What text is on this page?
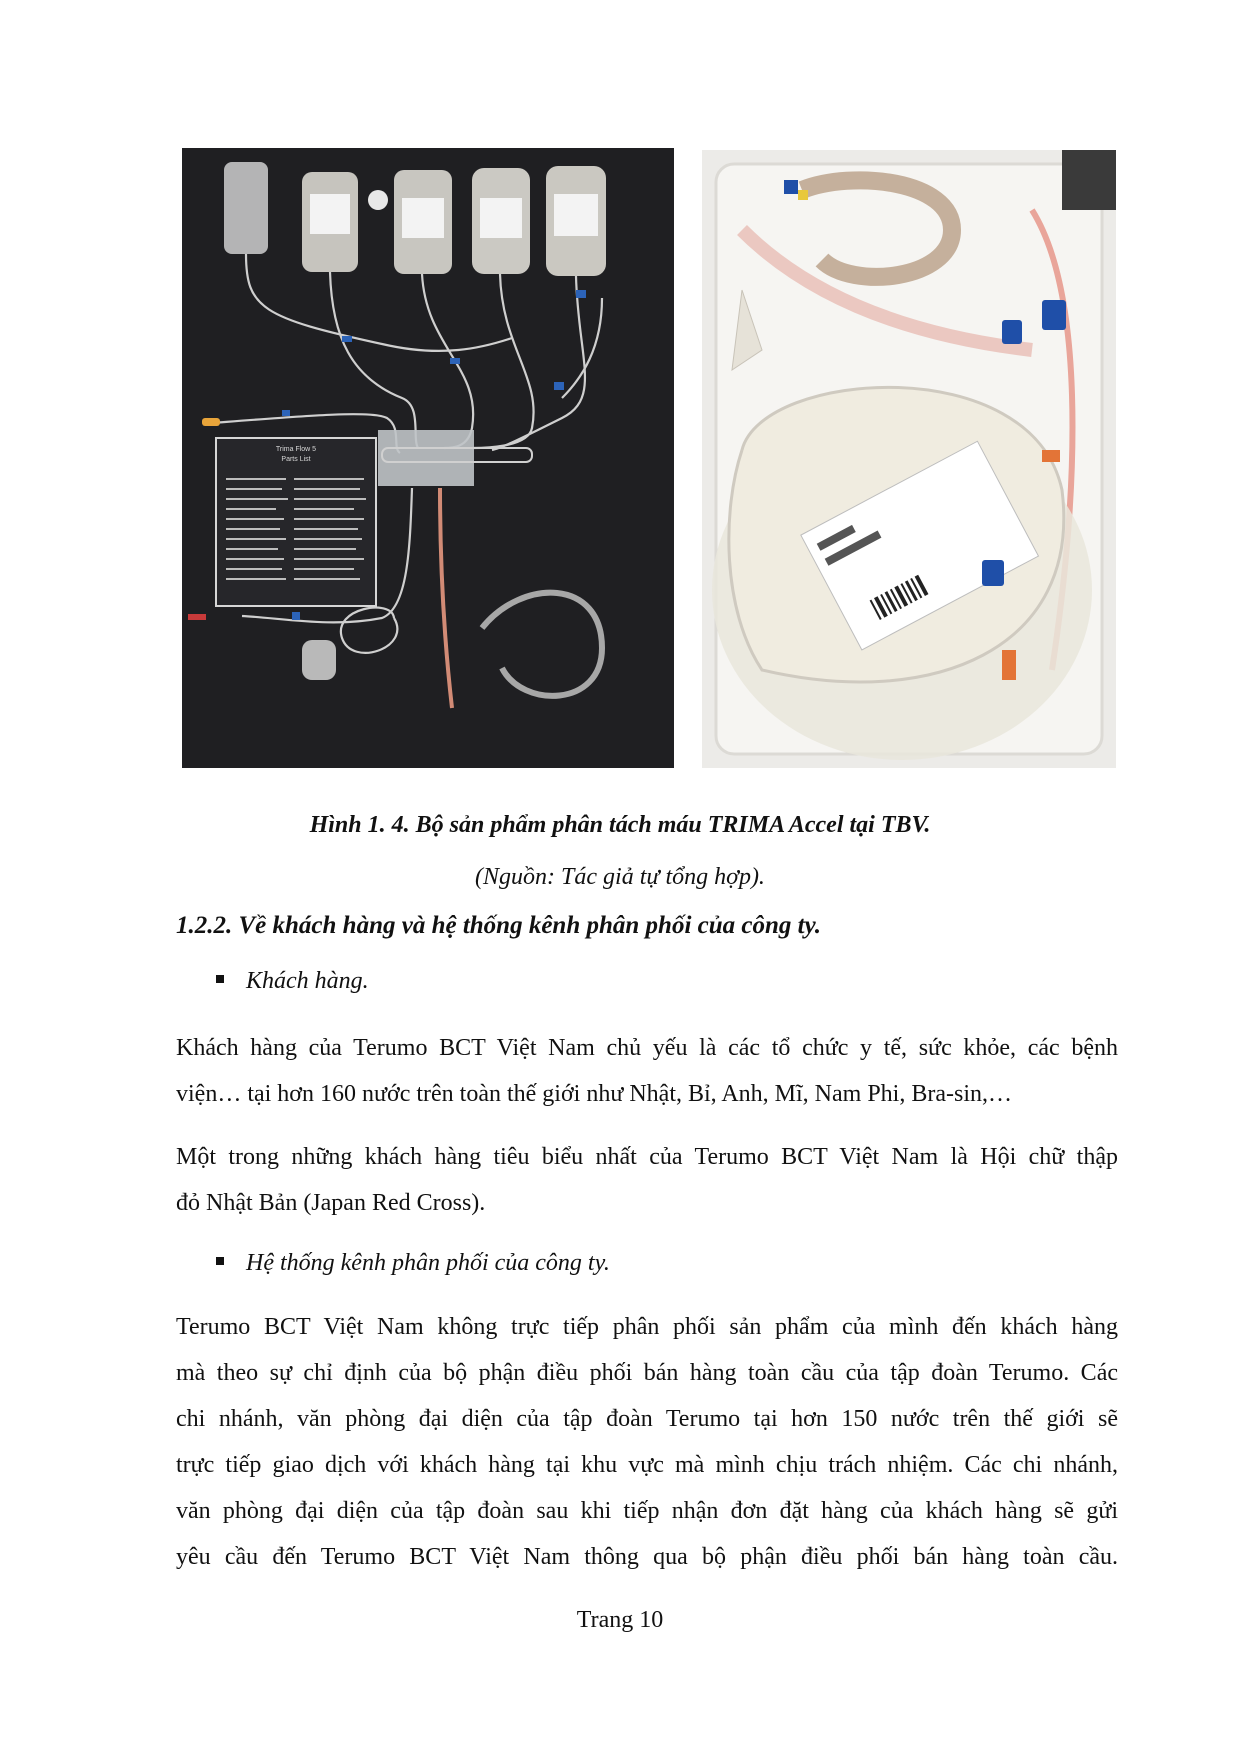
Trima Flow 5
Parts List
Hình 1. 4. Bộ sản phẩm phân tách máu TRIMA Accel tại TBV.
(Nguồn: Tác giả tự tổng hợp).
1.2.2. Về khách hàng và hệ thống kênh phân phối của công ty.
Khách hàng.
Khách hàng của Terumo BCT Việt Nam chủ yếu là các tổ chức y tế, sức khỏe, các bệnh
viện… tại hơn 160 nước trên toàn thế giới như Nhật, Bỉ, Anh, Mĩ, Nam Phi, Bra-sin,…
Một trong những khách hàng tiêu biểu nhất của Terumo BCT Việt Nam là Hội chữ thập
đỏ Nhật Bản (Japan Red Cross).
Hệ thống kênh phân phối của công ty.
Terumo BCT Việt Nam không trực tiếp phân phối sản phẩm của mình đến khách hàng
mà theo sự chỉ định của bộ phận điều phối bán hàng toàn cầu của tập đoàn Terumo. Các
chi nhánh, văn phòng đại diện của tập đoàn Terumo tại hơn 150 nước trên thế giới sẽ
trực tiếp giao dịch với khách hàng tại khu vực mà mình chịu trách nhiệm. Các chi nhánh,
văn phòng đại diện của tập đoàn sau khi tiếp nhận đơn đặt hàng của khách hàng sẽ gửi
yêu cầu đến Terumo BCT Việt Nam thông qua bộ phận điều phối bán hàng toàn cầu.
Trang 10
